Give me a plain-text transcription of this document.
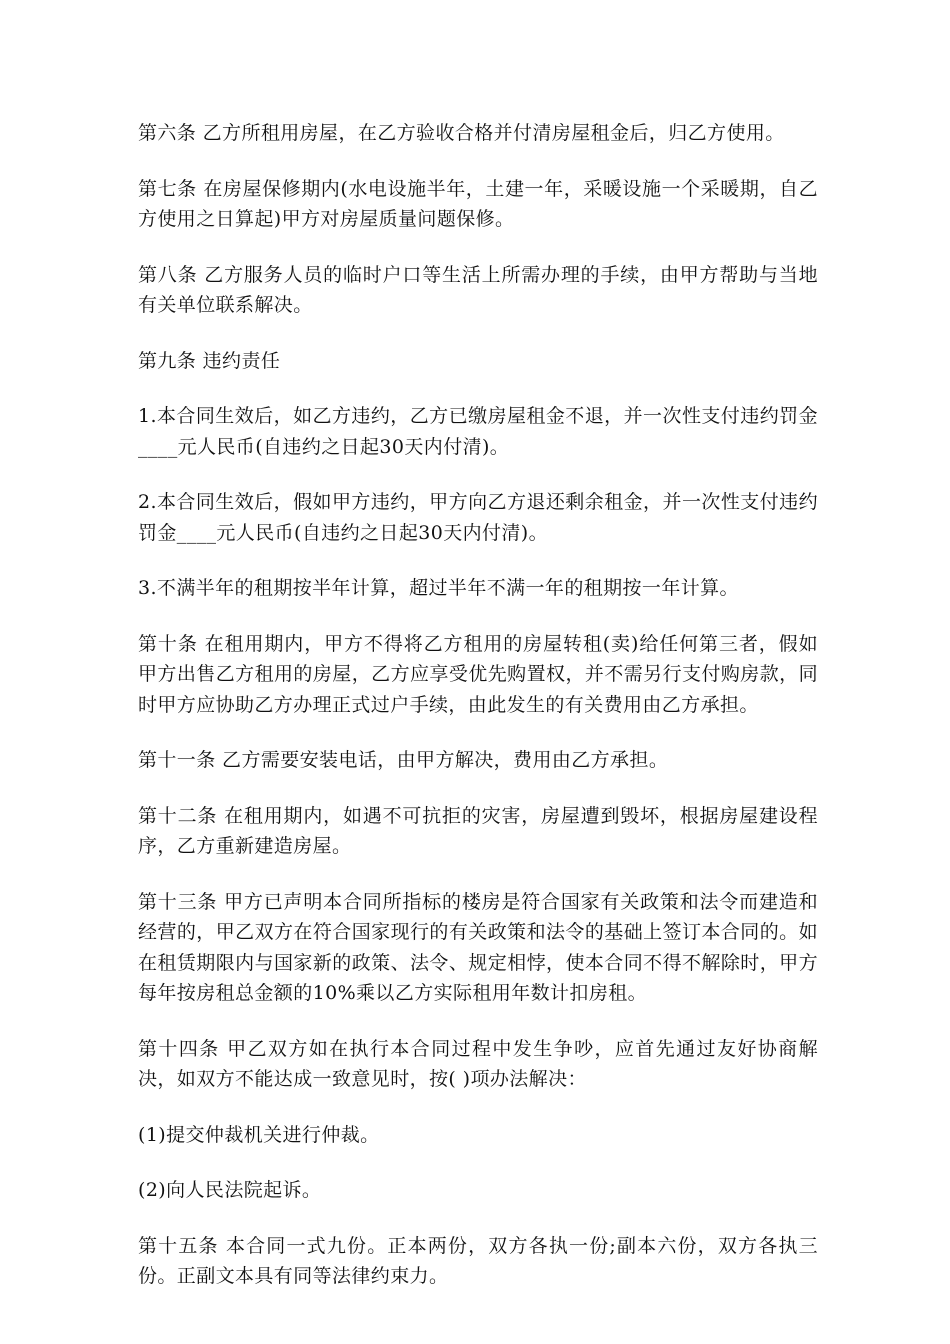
第六条 乙方所租用房屋，在乙方验收合格并付清房屋租金后，归乙方使用。

第七条 在房屋保修期内(水电设施半年，土建一年，采暖设施一个采暖期，自乙方使用之日算起)甲方对房屋质量问题保修。

第八条 乙方服务人员的临时户口等生活上所需办理的手续，由甲方帮助与当地有关单位联系解决。

第九条 违约责任

1.本合同生效后，如乙方违约，乙方已缴房屋租金不退，并一次性支付违约罚金____元人民币(自违约之日起30天内付清)。

2.本合同生效后，假如甲方违约，甲方向乙方退还剩余租金，并一次性支付违约罚金____元人民币(自违约之日起30天内付清)。

3.不满半年的租期按半年计算，超过半年不满一年的租期按一年计算。

第十条 在租用期内，甲方不得将乙方租用的房屋转租(卖)给任何第三者，假如甲方出售乙方租用的房屋，乙方应享受优先购置权，并不需另行支付购房款，同时甲方应协助乙方办理正式过户手续，由此发生的有关费用由乙方承担。

第十一条 乙方需要安装电话，由甲方解决，费用由乙方承担。

第十二条 在租用期内，如遇不可抗拒的灾害，房屋遭到毁坏，根据房屋建设程序，乙方重新建造房屋。

第十三条 甲方已声明本合同所指标的楼房是符合国家有关政策和法令而建造和经营的，甲乙双方在符合国家现行的有关政策和法令的基础上签订本合同的。如在租赁期限内与国家新的政策、法令、规定相悖，使本合同不得不解除时，甲方每年按房租总金额的10%乘以乙方实际租用年数计扣房租。

第十四条 甲乙双方如在执行本合同过程中发生争吵，应首先通过友好协商解决，如双方不能达成一致意见时，按( )项办法解决：

(1)提交仲裁机关进行仲裁。

(2)向人民法院起诉。

第十五条 本合同一式九份。正本两份，双方各执一份;副本六份，双方各执三份。正副文本具有同等法律约束力。
